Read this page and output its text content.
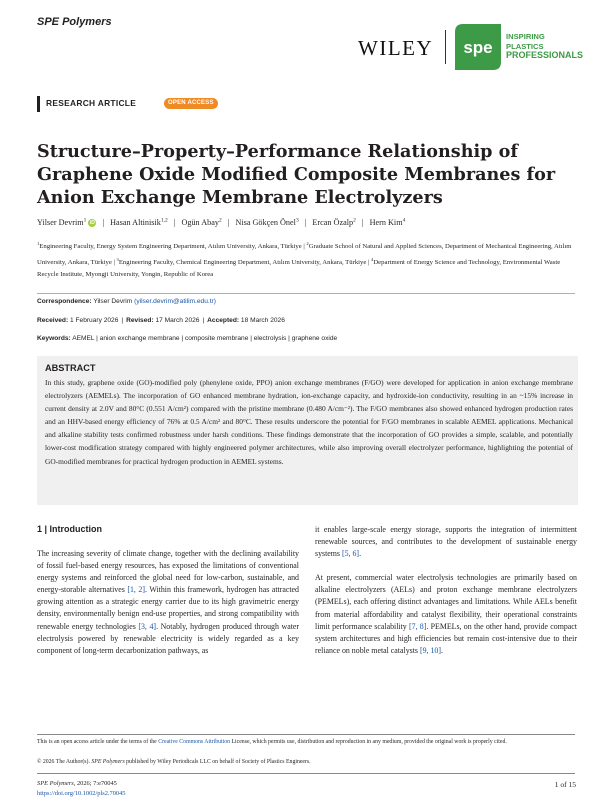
SPE Polymers
WILEY spe
INSPIRING
PLASTICS
PROFESSIONALS
RESEARCH ARTICLE	OPEN ACCESS
Structure–Property–Performance Relationship of Graphene Oxide Modified Composite Membranes for Anion Exchange Membrane Electrolyzers
Yilser Devrim$^1$ iD | Hasan Altinisik$^{1,2}$ | Ogün Abay$^2$ | Nisa Gökçen Önel$^3$ | Ercan Özalp$^2$ | Hern Kim$^4$
$^1$Engineering Faculty, Energy System Engineering Department, Atılım University, Ankara, Türkiye | $^2$Graduate School of Natural and Applied Sciences, Department of Mechanical Engineering, Atılım University, Ankara, Türkiye | $^3$Engineering Faculty, Chemical Engineering Department, Atılım University, Ankara, Türkiye | $^4$Department of Energy Science and Technology, Environmental Waste Recycle Institute, Myongji University, Yongin, Republic of Korea
Correspondence: Yilser Devrim (yilser.devrim@atilim.edu.tr)
Received: 1 February 2026 | Revised: 17 March 2026 | Accepted: 18 March 2026
Keywords: AEMEL | anion exchange membrane | composite membrane | electrolysis | graphene oxide
ABSTRACT

In this study, graphene oxide (GO)-modified poly (phenylene oxide, PPO) anion exchange membranes (F/GO) were developed for application in anion exchange membrane electrolyzers (AEMELs). The incorporation of GO enhanced membrane hydration, ion-exchange capacity, and hydroxide-ion conductivity, resulting in an ~15% increase in current density at 2.0V and 80°C (0.551 A/cm²) compared with the pristine membrane (0.480 A/cm⁻²). The F/GO membranes also showed enhanced hydrogen production rates and an HHV-based energy efficiency of 76% at 0.5 A/cm² and 80°C. These results underscore the potential for F/GO membranes in scalable AEMEL applications. Mechanical and alkaline stability tests confirmed robustness under harsh conditions. These findings demonstrate that the incorporation of GO provides a simple, scalable, and potentially lower-cost modification strategy compared with highly engineered polymer architectures, while also improving overall electrolyzer performance, highlighting the potential of GO-modified membranes for practical hydrogen production in AEMEL systems.

1 | Introduction

The increasing severity of climate change, together with the declining availability of fossil fuel-based energy resources, has exposed the limitations of conventional energy systems and reinforced the global need for low-carbon, sustainable, and energy-storable alternatives [1, 2]. Within this framework, hydrogen has attracted growing attention as a strategic energy carrier due to its high gravimetric energy density, environmentally benign end-use properties, and strong compatibility with renewable energy technologies [3, 4]. Notably, hydrogen produced through water electrolysis powered by renewable electricity is widely regarded as a key component of long-term decarbonization pathways, as

it enables large-scale energy storage, supports the integration of intermittent renewable sources, and contributes to the development of sustainable energy systems [5, 6].

At present, commercial water electrolysis technologies are primarily based on alkaline electrolyzers (AELs) and proton exchange membrane electrolyzers (PEMELs), each offering distinct advantages and limitations. While AELs benefit from material affordability and catalyst flexibility, their operational constraints limit performance scalability [7, 8]. PEMELs, on the other hand, provide compact system architectures and high efficiencies but remain cost-intensive due to their reliance on noble metal catalysts [9, 10].

This is an open access article under the terms of the Creative Commons Attribution License, which permits use, distribution and reproduction in any medium, provided the original work is properly cited.
© 2026 The Author(s). SPE Polymers published by Wiley Periodicals LLC on behalf of Society of Plastics Engineers.
SPE Polymers, 2026; 7:e70045
https://doi.org/10.1002/pls2.70045
1 of 15
